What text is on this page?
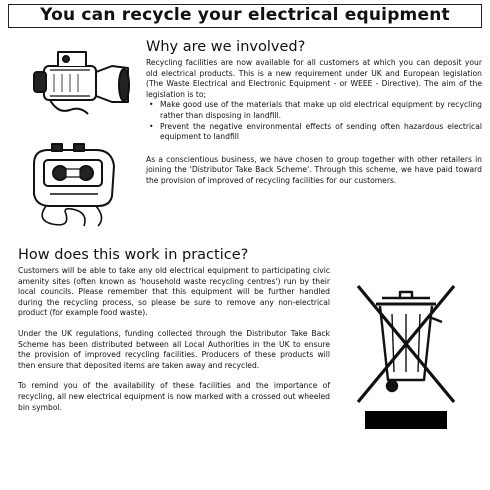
You can recycle your electrical equipment
Why are we involved?

Recycling facilities are now available for all customers at which you can deposit your old electrical products. This is a new requirement under UK and European legislation (The Waste Electrical and Electronic Equipment - or WEEE - Directive). The aim of the legislation is to;

• Make good use of the materials that make up old electrical equipment by recycling rather than disposing in landfill.
• Prevent the negative environmental effects of sending often hazardous electrical equipment to landfill

As a conscientious business, we have chosen to group together with other retailers in joining the 'Distributor Take Back Scheme'. Through this scheme, we have paid toward the provision of improved of recycling facilities for our customers.

How does this work in practice?

Customers will be able to take any old electrical equipment to participating civic amenity sites (often known as 'household waste recycling centres') run by their local councils. Please remember that this equipment will be further handled during the recycling process, so please be sure to remove any non-electrical product (for example food waste).

Under the UK regulations, funding collected through the Distributor Take Back Scheme has been distributed between all Local Authorities in the UK to ensure the provision of improved recycling facilities. Producers of these products will then ensure that deposited items are taken away and recycled.

To remind you of the availability of these facilities and the importance of recycling, all new electrical equipment is now marked with a crossed out wheeled bin symbol.
